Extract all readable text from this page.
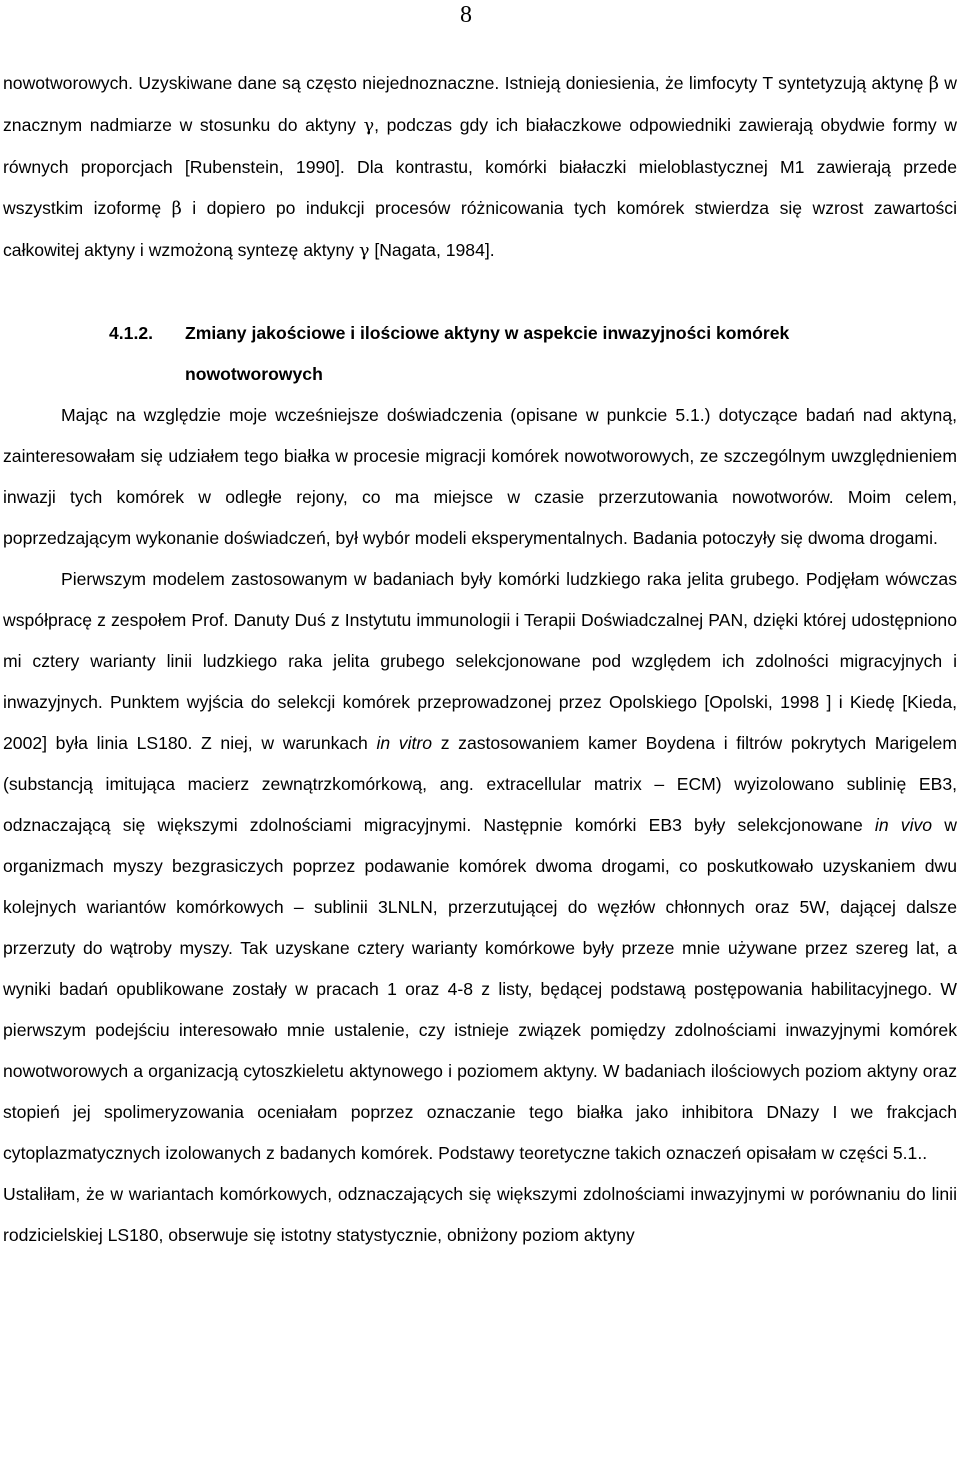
8

nowotworowych. Uzyskiwane dane są często niejednoznaczne. Istnieją doniesienia, że limfocyty T syntetyzują aktynę β w znacznym nadmiarze w stosunku do aktyny γ, podczas gdy ich białaczkowe odpowiedniki zawierają obydwie formy w równych proporcjach [Rubenstein, 1990]. Dla kontrastu, komórki białaczki mieloblastycznej M1 zawierają przede wszystkim izoformę β i dopiero po indukcji procesów różnicowania tych komórek stwierdza się wzrost zawartości całkowitej aktyny i wzmożoną syntezę aktyny γ [Nagata, 1984].

4.1.2.	Zmiany jakościowe i ilościowe aktyny w aspekcie inwazyjności komórek

nowotworowych

Mając na względzie moje wcześniejsze doświadczenia (opisane w punkcie 5.1.) dotyczące badań nad aktyną, zainteresowałam się udziałem tego białka w procesie migracji komórek nowotworowych, ze szczególnym uwzględnieniem inwazji tych komórek w odległe rejony, co ma miejsce w czasie przerzutowania nowotworów. Moim celem, poprzedzającym wykonanie doświadczeń, był wybór modeli eksperymentalnych. Badania potoczyły się dwoma drogami.

Pierwszym modelem zastosowanym w badaniach były komórki ludzkiego raka jelita grubego. Podjęłam wówczas współpracę z zespołem Prof. Danuty Duś z Instytutu immunologii i Terapii Doświadczalnej PAN, dzięki której udostępniono mi cztery warianty linii ludzkiego raka jelita grubego selekcjonowane pod względem ich zdolności migracyjnych i inwazyjnych. Punktem wyjścia do selekcji komórek przeprowadzonej przez Opolskiego [Opolski, 1998 ] i Kiedę [Kieda, 2002] była linia LS180. Z niej, w warunkach in vitro z zastosowaniem kamer Boydena i filtrów pokrytych Marigelem (substancją imitująca macierz zewnątrzkomórkową, ang. extracellular matrix – ECM) wyizolowano sublinię EB3, odznaczającą się większymi zdolnościami migracyjnymi. Następnie komórki EB3 były selekcjonowane in vivo w organizmach myszy bezgrasiczych poprzez podawanie komórek dwoma drogami, co poskutkowało uzyskaniem dwu kolejnych wariantów komórkowych – sublinii 3LNLN, przerzutującej do węzłów chłonnych oraz 5W, dającej dalsze przerzuty do wątroby myszy. Tak uzyskane cztery warianty komórkowe były przeze mnie używane przez szereg lat, a wyniki badań opublikowane zostały w pracach 1 oraz 4-8 z listy, będącej podstawą postępowania habilitacyjnego. W pierwszym podejściu interesowało mnie ustalenie, czy istnieje związek pomiędzy zdolnościami inwazyjnymi komórek nowotworowych a organizacją cytoszkieletu aktynowego i poziomem aktyny. W badaniach ilościowych poziom aktyny oraz stopień jej spolimeryzowania oceniałam poprzez oznaczanie tego białka jako inhibitora DNazy I we frakcjach cytoplazmatycznych izolowanych z badanych komórek. Podstawy teoretyczne takich oznaczeń opisałam w części 5.1..

Ustaliłam, że w wariantach komórkowych, odznaczających się większymi zdolnościami inwazyjnymi w porównaniu do linii rodzicielskiej LS180, obserwuje się istotny statystycznie, obniżony poziom aktyny
